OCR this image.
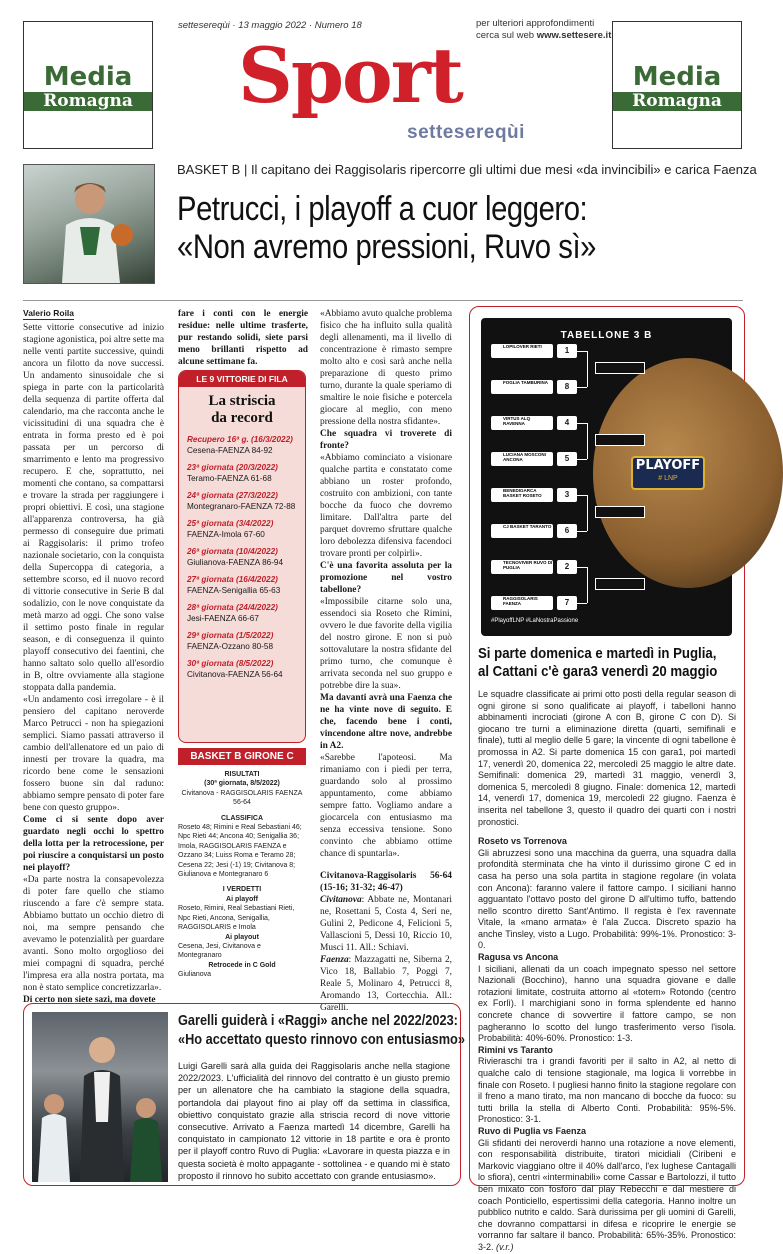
Media
Romagna
Media
Romagna
settesereqùi · 13 maggio 2022 · Numero 18	per ulteriori approfondimenti
cerca sul web www.settesere.it
Sport
settesereqùi
BASKET B | Il capitano dei Raggisolaris ripercorre gli ultimi due mesi «da invincibili» e carica Faenza
Petrucci, i playoff a cuor leggero:
«Non avremo pressioni, Ruvo sì»
Valerio Roila

Sette vittorie consecutive ad inizio stagione agonistica, poi altre sette ma nelle venti partite successive, quindi ancora un filotto da nove successi. Un andamento sinusoidale che si spiega in parte con la particolarità della sequenza di partite offerta dal calendario, ma che racconta anche le vicissitudini di una squadra che è entrata in forma presto ed è poi passata per un percorso di smarrimento e lento ma progressivo recupero. E che, soprattutto, nei momenti che contano, sa compattarsi e trovare la strada per raggiungere i propri obiettivi. E così, una stagione all'apparenza controversa, ha già permesso di conseguire due primati ai Raggisolaris: il primo trofeo nazionale societario, con la conquista della Supercoppa di categoria, a settembre scorso, ed il nuovo record di vittorie consecutive in Serie B dal sodalizio, con le nove conquistate da metà marzo ad oggi. Che sono valse il settimo posto finale in regular season, e di conseguenza il quinto playoff consecutivo dei faentini, che hanno saltato solo quello all'esordio in B, oltre ovviamente alla stagione stoppata dalla pandemia.

«Un andamento così irregolare - è il pensiero del capitano neroverde Marco Petrucci - non ha spiegazioni semplici. Siamo passati attraverso il cambio dell'allenatore ed un paio di innesti per trovare la quadra, ma ricordo bene come le sensazioni fossero buone sin dal raduno: abbiamo sempre pensato di poter fare bene con questo gruppo».

Come ci si sente dopo aver guardato negli occhi lo spettro della lotta per la retrocessione, per poi riuscire a conquistarsi un posto nei playoff?

«Da parte nostra la consapevolezza di poter fare quello che stiamo riuscendo a fare c'è sempre stata. Abbiamo buttato un occhio dietro di noi, ma sempre pensando che avevamo le potenzialità per guardare avanti. Sono molto orgoglioso dei miei compagni di squadra, perché l'impresa era alla nostra portata, ma non è stato semplice concretizzarla».

Di certo non siete sazi, ma dovete

fare i conti con le energie residue: nelle ultime trasferte, pur restando solidi, siete parsi meno brillanti rispetto ad alcune settimane fa.
LE 9 VITTORIE DI FILA
La striscia
da record
Recupero 16ª g. (16/3/2022)
Cesena-FAENZA 84-92
23ª giornata (20/3/2022)
Teramo-FAENZA 61-68
24ª giornata (27/3/2022)
Montegranaro-FAENZA 72-88
25ª giornata (3/4/2022)
FAENZA-Imola 67-60
26ª giornata (10/4/2022)
Giulianova-FAENZA 86-94
27ª giornata (16/4/2022)
FAENZA-Senigallia 65-63
28ª giornata (24/4/2022)
Jesi-FAENZA 66-67
29ª giornata (1/5/2022)
FAENZA-Ozzano 80-58
30ª giornata (8/5/2022)
Civitanova-FAENZA 56-64
BASKET B GIRONE C
RISULTATI
(30ª giornata, 8/5/2022)
Civitanova - RAGGISOLARIS FAENZA 56-64
CLASSIFICA
Roseto 48; Rimini e Real Sebastiani 46; Npc Rieti 44; Ancona 40; Senigallia 36; Imola, RAGGISOLARIS FAENZA e Ozzano 34; Luiss Roma e Teramo 28; Cesena 22; Jesi (-1) 19; Civitanova 8; Giulianova e Montegranaro 6
I VERDETTI
Ai playoff
Roseto, Rimini, Real Sebastiani Rieti, Npc Rieti, Ancona, Senigallia, RAGGISOLARIS e Imola
Ai playout
Cesena, Jesi, Civitanova e Montegranaro
Retrocede in C Gold
Giulianova

«Abbiamo avuto qualche problema fisico che ha influito sulla qualità degli allenamenti, ma il livello di concentrazione è rimasto sempre molto alto e così sarà anche nella preparazione di questo primo turno, durante la quale speriamo di smaltire le noie fisiche e potercela giocare al meglio, con meno pressione della nostra sfidante».

Che squadra vi troverete di fronte?

«Abbiamo cominciato a visionare qualche partita e constatato come abbiano un roster profondo, costruito con ambizioni, con tante bocche da fuoco che dovremo limitare. Dall'altra parte del parquet dovremo sfruttare qualche loro debolezza difensiva facendoci trovare pronti per colpirli».

C'è una favorita assoluta per la promozione nel vostro tabellone?

«Impossibile citarne solo una, essendoci sia Roseto che Rimini, ovvero le due favorite della vigilia del nostro girone. E non si può sottovalutare la nostra sfidante del primo turno, che comunque è arrivata seconda nel suo gruppo e potrebbe dire la sua».

Ma davanti avrà una Faenza che ne ha vinte nove di seguito. E che, facendo bene i conti, vincendone altre nove, andrebbe in A2.

«Sarebbe l'apoteosi. Ma rimaniamo con i piedi per terra, guardando solo al prossimo appuntamento, come abbiamo sempre fatto. Vogliamo andare a giocarcela con entusiasmo ma senza eccessiva tensione. Sono convinto che abbiamo ottime chance di spuntarla».

Civitanova-Raggisolaris 56-64 (15-16; 31-32; 46-47)

Civitanova: Abbate ne, Montanari ne, Rosettani 5, Costa 4, Seri ne, Gulini 2, Pedicone 4, Felicioni 5, Vallascioni 5, Dessi 10, Riccio 10, Musci 11. All.: Schiavi.

Faenza: Mazzagatti ne, Siberna 2, Vico 18, Ballabio 7, Poggi 7, Reale 5, Molinaro 4, Petrucci 8, Aromando 13, Cortecchia. All.: Garelli.

TABELLONE 3 B
LOPILOVER RIETI	1
FOGLIA TAMBURINA	8
VIRTUS ALQ RAVENNA	4
LUCIANA MOSCONI ANCONA	5
BENEDIGARCA BASKET ROSETO	3
CJ BASKET TARANTO	6
TECNOVIVER RUVO DI PUGLIA	2
RAGGISOLARIS FAENZA	7
PLAYOFF
# LNP
#PlayoffLNP #LaNostraPassione
Si parte domenica e martedì in Puglia,
al Cattani c'è gara3 venerdì 20 maggio

Le squadre classificate ai primi otto posti della regular season di ogni girone si sono qualificate ai playoff, i tabelloni hanno abbinamenti incrociati (girone A con B, girone C con D). Si giocano tre turni a eliminazione diretta (quarti, semifinali e finale), tutti al meglio delle 5 gare; la vincente di ogni tabellone è promossa in A2. Si parte domenica 15 con gara1, poi martedì 17, venerdì 20, domenica 22, mercoledì 25 maggio le altre date. Semifinali: domenica 29, martedì 31 maggio, venerdì 3, domenica 5, mercoledì 8 giugno. Finale: domenica 12, martedì 14, venerdì 17, domenica 19, mercoledì 22 giugno. Faenza è inserita nel tabellone 3, questo il quadro dei quarti con i nostri pronostici.

Roseto vs Torrenova

Gli abruzzesi sono una macchina da guerra, una squadra dalla profondità sterminata che ha vinto il durissimo girone C ed in casa ha perso una sola partita in stagione regolare (in volata con Ancona): faranno valere il fattore campo. I siciliani hanno agguantato l'ottavo posto del girone D all'ultimo tuffo, battendo nello scontro diretto Sant'Antimo. Il regista è l'ex ravennate Vitale, la «mano armata» è l'ala Zucca. Discreto spazio ha anche Tinsley, visto a Lugo. Probabilità: 99%-1%. Pronostico: 3-0.

Ragusa vs Ancona

I siciliani, allenati da un coach impegnato spesso nel settore Nazionali (Bocchino), hanno una squadra giovane e dalle rotazioni limitate, costruita attorno al «totem» Rotondo (centro ex Forlì). I marchigiani sono in forma splendente ed hanno concrete chance di sovvertire il fattore campo, se non pagheranno lo scotto del lungo trasferimento verso l'isola. Probabilità: 40%-60%. Pronostico: 1-3.

Rimini vs Taranto

Rivieraschi tra i grandi favoriti per il salto in A2, al netto di qualche calo di tensione stagionale, ma logica li vorrebbe in finale con Roseto. I pugliesi hanno finito la stagione regolare con il freno a mano tirato, ma non mancano di bocche da fuoco: su tutti brilla la stella di Alberto Conti. Probabilità: 95%-5%. Pronostico: 3-1.

Ruvo di Puglia vs Faenza

Gli sfidanti dei neroverdi hanno una rotazione a nove elementi, con responsabilità distribuite, tiratori micidiali (Ciribeni e Markovic viaggiano oltre il 40% dall'arco, l'ex lughese Cantagalli lo sfiora), centri «interminabili» come Cassar e Bartolozzi, il tutto ben mixato con fosforo dal play Rebecchi e dal mestiere di coach Ponticiello, espertissimi della categoria. Hanno inoltre un pubblico nutrito e caldo. Sarà durissima per gli uomini di Garelli, che dovranno compattarsi in difesa e ricoprire le energie se vorranno far saltare il banco. Probabilità: 65%-35%. Pronostico: 3-2. (v.r.)

Garelli guiderà i «Raggi» anche nel 2022/2023:
«Ho accettato questo rinnovo con entusiasmo»
Luigi Garelli sarà alla guida dei Raggisolaris anche nella stagione 2022/2023. L'ufficialità del rinnovo del contratto è un giusto premio per un allenatore che ha cambiato la stagione della squadra, portandola dai playout fino ai play off da settima in classifica, obiettivo conquistato grazie alla striscia record di nove vittorie consecutive. Arrivato a Faenza martedì 14 dicembre, Garelli ha conquistato in campionato 12 vittorie in 18 partite e ora è pronto per il playoff contro Ruvo di Puglia: «Lavorare in questa piazza e in questa società è molto appagante - sottolinea - e quando mi è stato proposto il rinnovo ho subito accettato con grande entusiasmo».
